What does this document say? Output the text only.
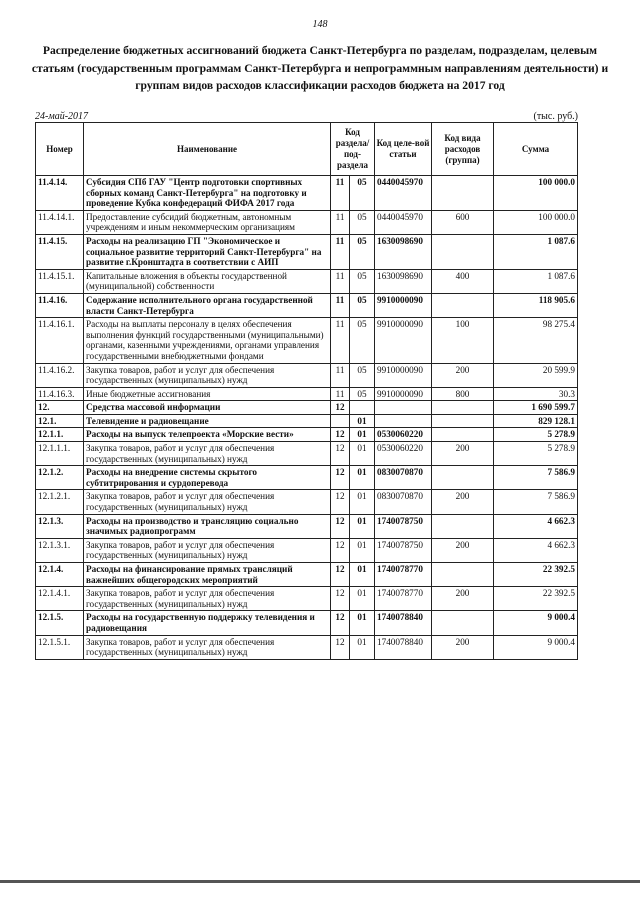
148
Распределение бюджетных ассигнований бюджета Санкт-Петербурга по разделам, подразделам, целевым статьям (государственным программам Санкт-Петербурга и непрограммным направлениям деятельности) и группам видов расходов классификации расходов бюджета на 2017 год
24-май-2017	(тыс. руб.)
Номер	Наименование	Код раздела/ под-раздела		Код целе-вой статьи	Код вида расходов (группа)	Сумма
11.4.14.	Субсидия СПб ГАУ "Центр подготовки спортивных сборных команд Санкт-Петербурга" на подготовку и проведение Кубка конфедераций ФИФА 2017 года	11	05	0440045970		100 000.0
11.4.14.1.	Предоставление субсидий бюджетным, автономным учреждениям и иным некоммерческим организациям	11	05	0440045970	600	100 000.0
11.4.15.	Расходы на реализацию ГП "Экономическое и социальное развитие территорий Санкт-Петербурга" на развитие г.Кронштадта в соответствии с АИП	11	05	1630098690		1 087.6
11.4.15.1.	Капитальные вложения в объекты государственной (муниципальной) собственности	11	05	1630098690	400	1 087.6
11.4.16.	Содержание исполнительного органа государственной власти Санкт-Петербурга	11	05	9910000090		118 905.6
11.4.16.1.	Расходы на выплаты персоналу в целях обеспечения выполнения функций государственными (муниципальными) органами, казенными учреждениями, органами управления государственными внебюджетными фондами	11	05	9910000090	100	98 275.4
11.4.16.2.	Закупка товаров, работ и услуг для обеспечения государственных (муниципальных) нужд	11	05	9910000090	200	20 599.9
11.4.16.3.	Иные бюджетные ассигнования	11	05	9910000090	800	30.3
12.	Средства массовой информации	12				1 690 599.7
12.1.	Телевидение и радиовещание		01			829 128.1
12.1.1.	Расходы на выпуск телепроекта «Морские вести»	12	01	0530060220		5 278.9
12.1.1.1.	Закупка товаров, работ и услуг для обеспечения государственных (муниципальных) нужд	12	01	0530060220	200	5 278.9
12.1.2.	Расходы на внедрение системы скрытого субтитрирования и сурдоперевода	12	01	0830070870		7 586.9
12.1.2.1.	Закупка товаров, работ и услуг для обеспечения государственных (муниципальных) нужд	12	01	0830070870	200	7 586.9
12.1.3.	Расходы на производство и трансляцию социально значимых радиопрограмм	12	01	1740078750		4 662.3
12.1.3.1.	Закупка товаров, работ и услуг для обеспечения государственных (муниципальных) нужд	12	01	1740078750	200	4 662.3
12.1.4.	Расходы на финансирование прямых трансляций важнейших общегородских мероприятий	12	01	1740078770		22 392.5
12.1.4.1.	Закупка товаров, работ и услуг для обеспечения государственных (муниципальных) нужд	12	01	1740078770	200	22 392.5
12.1.5.	Расходы на государственную поддержку телевидения и радиовещания	12	01	1740078840		9 000.4
12.1.5.1.	Закупка товаров, работ и услуг для обеспечения государственных (муниципальных) нужд	12	01	1740078840	200	9 000.4
